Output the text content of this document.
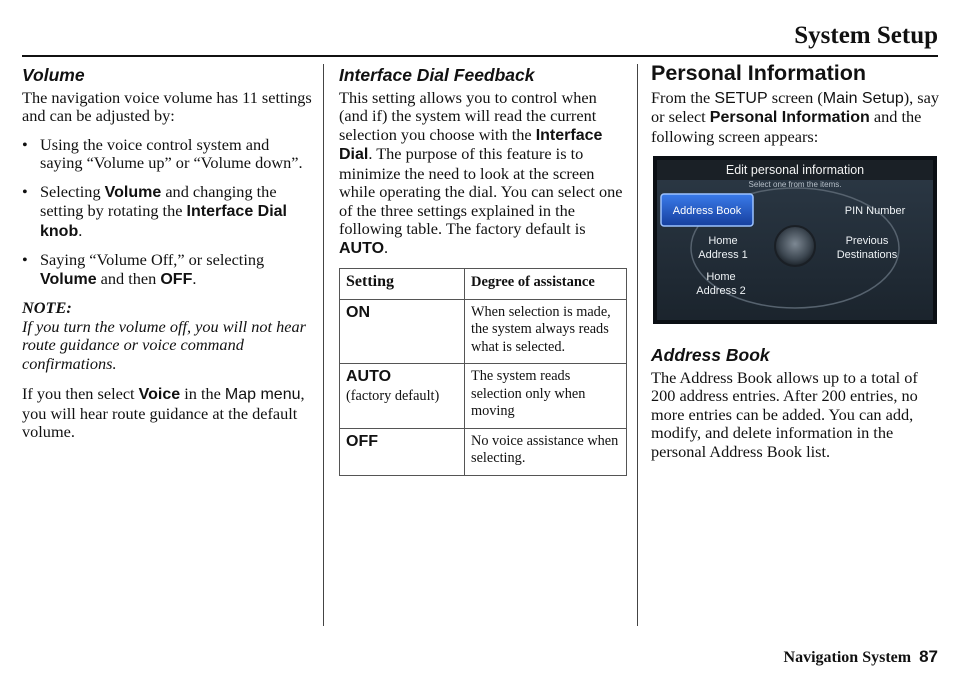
System Setup
Volume

The navigation voice volume has 11 settings and can be adjusted by:

• Using the voice control system and saying “Volume up” or “Volume down”.
• Selecting Volume and changing the setting by rotating the Interface Dial knob.
• Saying “Volume Off,” or selecting Volume and then OFF.
NOTE:
If you turn the volume off, you will not hear route guidance or voice command confirmations.

If you then select Voice in the Map menu, you will hear route guidance at the default volume.

Interface Dial Feedback

This setting allows you to control when (and if) the system will read the current selection you choose with the Interface Dial. The purpose of this feature is to minimize the need to look at the screen while operating the dial. You can select one of the three settings explained in the following table. The factory default is AUTO.

Setting	Degree of assistance

ON	When selection is made, the system always reads what is selected.

AUTO
(factory default)	The system reads selection only when moving

OFF	No voice assistance when selecting.
Personal Information

From the SETUP screen (Main Setup), say or select Personal Information and the following screen appears:

Edit personal information
Select one from the items.
Address Book	PIN Number
Home
Address 1
Previous
Destinations
Home
Address 2
Address Book

The Address Book allows up to a total of 200 address entries. After 200 entries, no more entries can be added. You can add, modify, and delete information in the personal Address Book list.

Navigation System 87
